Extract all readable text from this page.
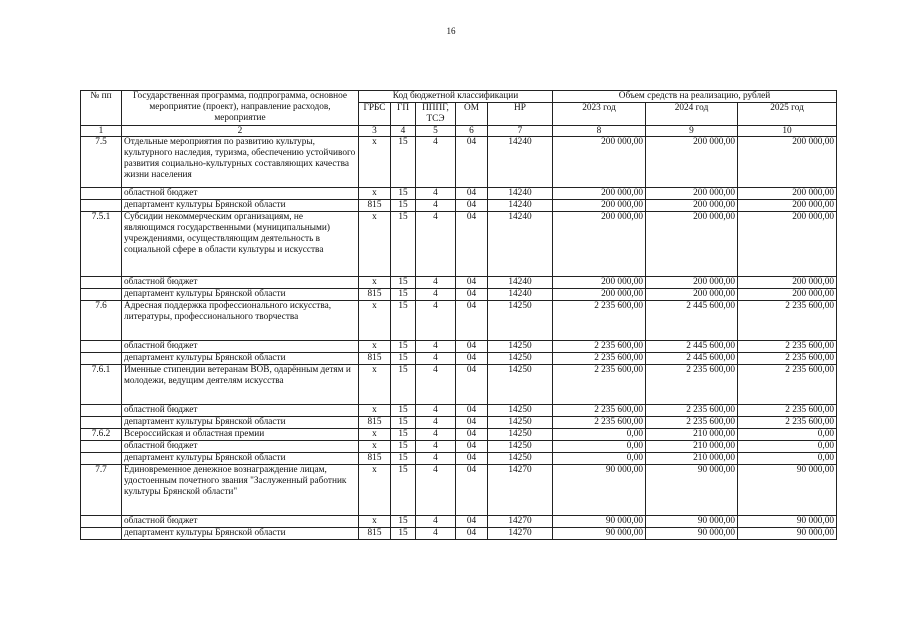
16
№ пп	Государственная программа, подпрограмма, основное мероприятие (проект), направление расходов, мероприятие	Код бюджетной классификации					Объем средств на реализацию, рублей		
		ГРБС	ГП	ПППГ, ТСЭ	ОМ	НР	2023 год	2024 год	2025 год
1	2	3	4	5	6	7	8	9	10
7.5	Отдельные мероприятия по развитию культуры, культурного наследия, туризма, обеспечению устойчивого развития социально-культурных составляющих качества жизни населения	х	15	4	04	14240	200 000,00	200 000,00	200 000,00
	областной бюджет	х	15	4	04	14240	200 000,00	200 000,00	200 000,00
	департамент культуры Брянской области	815	15	4	04	14240	200 000,00	200 000,00	200 000,00
7.5.1	Субсидии некоммерческим организациям, не являющимся государственными (муниципальными) учреждениями, осуществляющим деятельность в социальной сфере в области культуры и искусства	х	15	4	04	14240	200 000,00	200 000,00	200 000,00
	областной бюджет	х	15	4	04	14240	200 000,00	200 000,00	200 000,00
	департамент культуры Брянской области	815	15	4	04	14240	200 000,00	200 000,00	200 000,00
7.6	Адресная поддержка профессионального искусства, литературы, профессионального творчества	х	15	4	04	14250	2 235 600,00	2 445 600,00	2 235 600,00
	областной бюджет	х	15	4	04	14250	2 235 600,00	2 445 600,00	2 235 600,00
	департамент культуры Брянской области	815	15	4	04	14250	2 235 600,00	2 445 600,00	2 235 600,00
7.6.1	Именные стипендии ветеранам ВОВ, одарённым детям и молодежи, ведущим деятелям искусства	х	15	4	04	14250	2 235 600,00	2 235 600,00	2 235 600,00
	областной бюджет	х	15	4	04	14250	2 235 600,00	2 235 600,00	2 235 600,00
	департамент культуры Брянской области	815	15	4	04	14250	2 235 600,00	2 235 600,00	2 235 600,00
7.6.2	Всероссийская и областная премии	х	15	4	04	14250	0,00	210 000,00	0,00
	областной бюджет	х	15	4	04	14250	0,00	210 000,00	0,00
	департамент культуры Брянской области	815	15	4	04	14250	0,00	210 000,00	0,00
7.7	Единовременное денежное вознаграждение лицам, удостоенным почетного звания "Заслуженный работник культуры Брянской области"	х	15	4	04	14270	90 000,00	90 000,00	90 000,00
	областной бюджет	х	15	4	04	14270	90 000,00	90 000,00	90 000,00
	департамент культуры Брянской области	815	15	4	04	14270	90 000,00	90 000,00	90 000,00
